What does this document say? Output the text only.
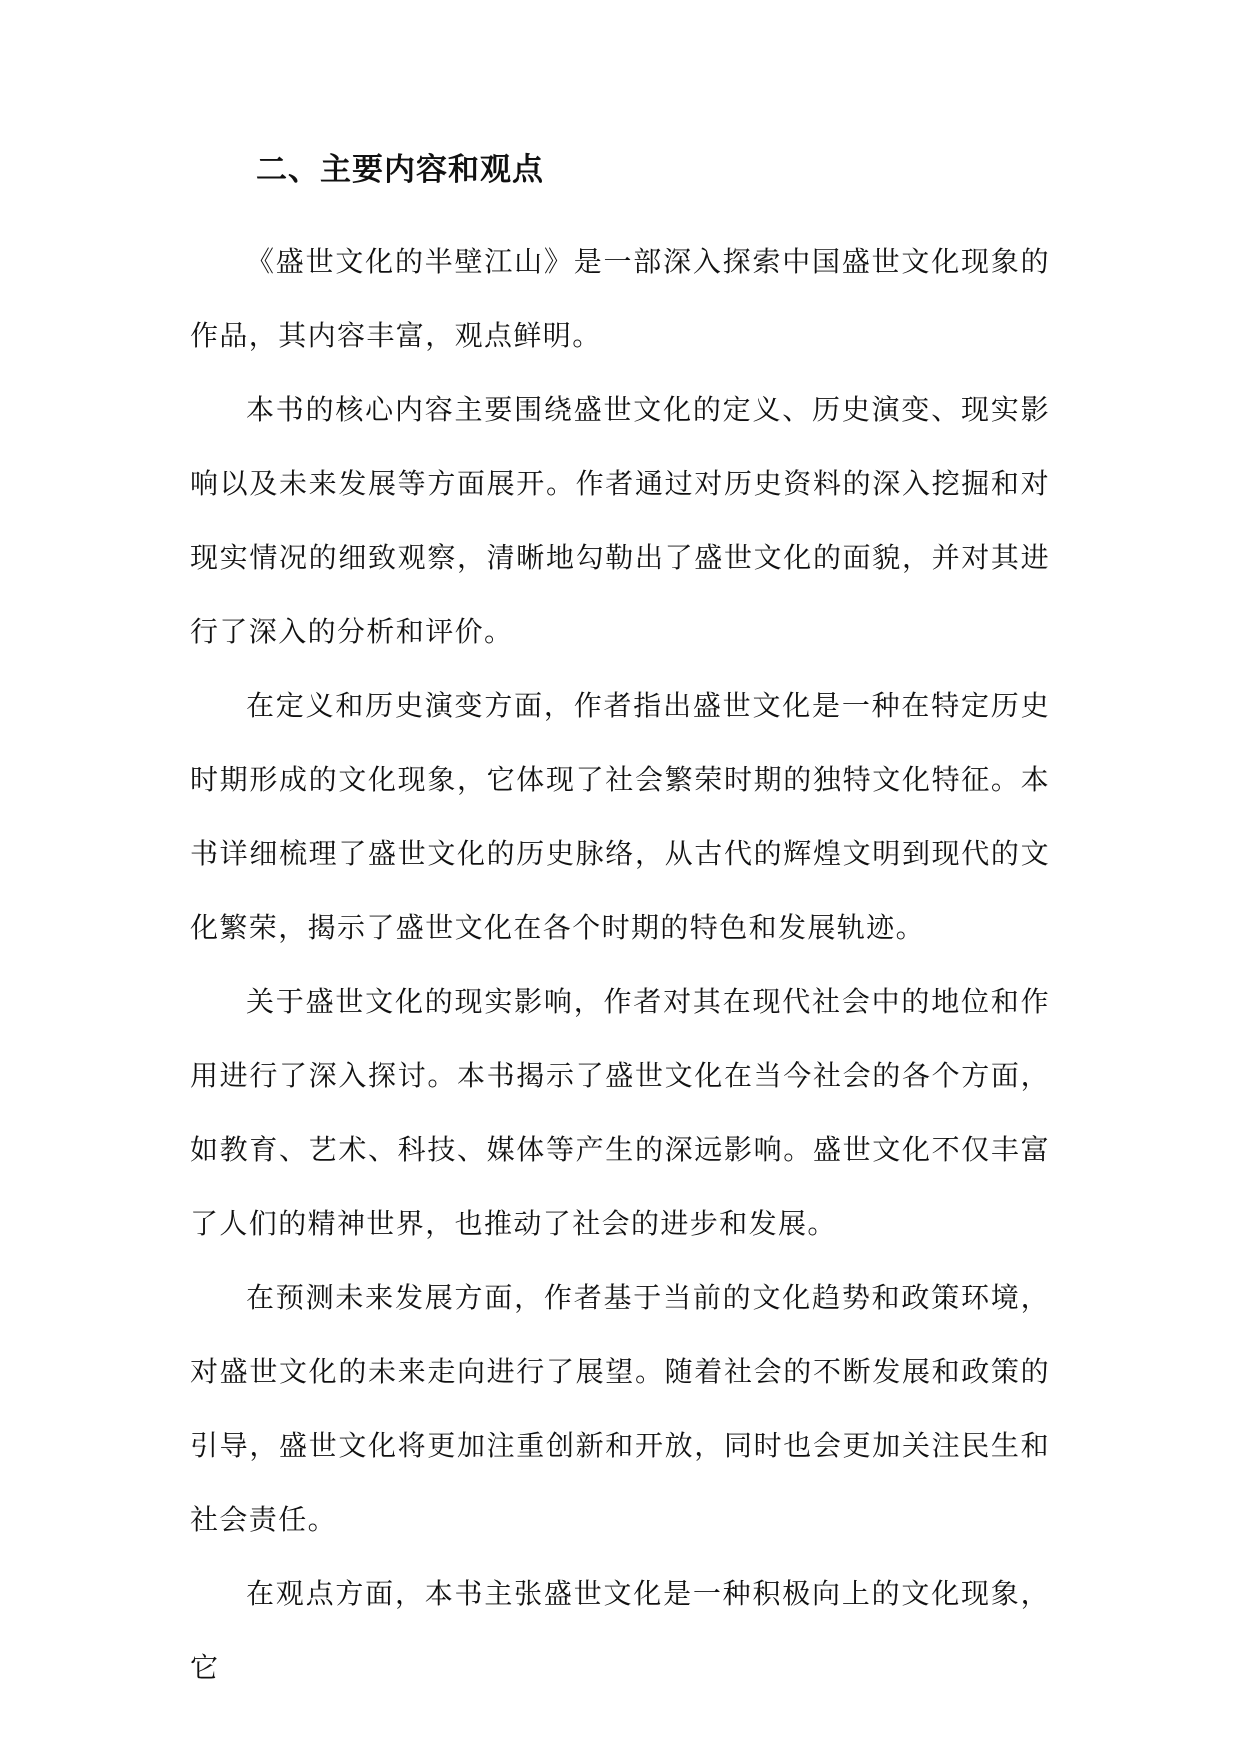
二、主要内容和观点

《盛世文化的半壁江山》是一部深入探索中国盛世文化现象的作品，其内容丰富，观点鲜明。

本书的核心内容主要围绕盛世文化的定义、历史演变、现实影响以及未来发展等方面展开。作者通过对历史资料的深入挖掘和对现实情况的细致观察，清晰地勾勒出了盛世文化的面貌，并对其进行了深入的分析和评价。

在定义和历史演变方面，作者指出盛世文化是一种在特定历史时期形成的文化现象，它体现了社会繁荣时期的独特文化特征。本书详细梳理了盛世文化的历史脉络，从古代的辉煌文明到现代的文化繁荣，揭示了盛世文化在各个时期的特色和发展轨迹。

关于盛世文化的现实影响，作者对其在现代社会中的地位和作用进行了深入探讨。本书揭示了盛世文化在当今社会的各个方面，如教育、艺术、科技、媒体等产生的深远影响。盛世文化不仅丰富了人们的精神世界，也推动了社会的进步和发展。

在预测未来发展方面，作者基于当前的文化趋势和政策环境，对盛世文化的未来走向进行了展望。随着社会的不断发展和政策的引导，盛世文化将更加注重创新和开放，同时也会更加关注民生和社会责任。

在观点方面，本书主张盛世文化是一种积极向上的文化现象，它
